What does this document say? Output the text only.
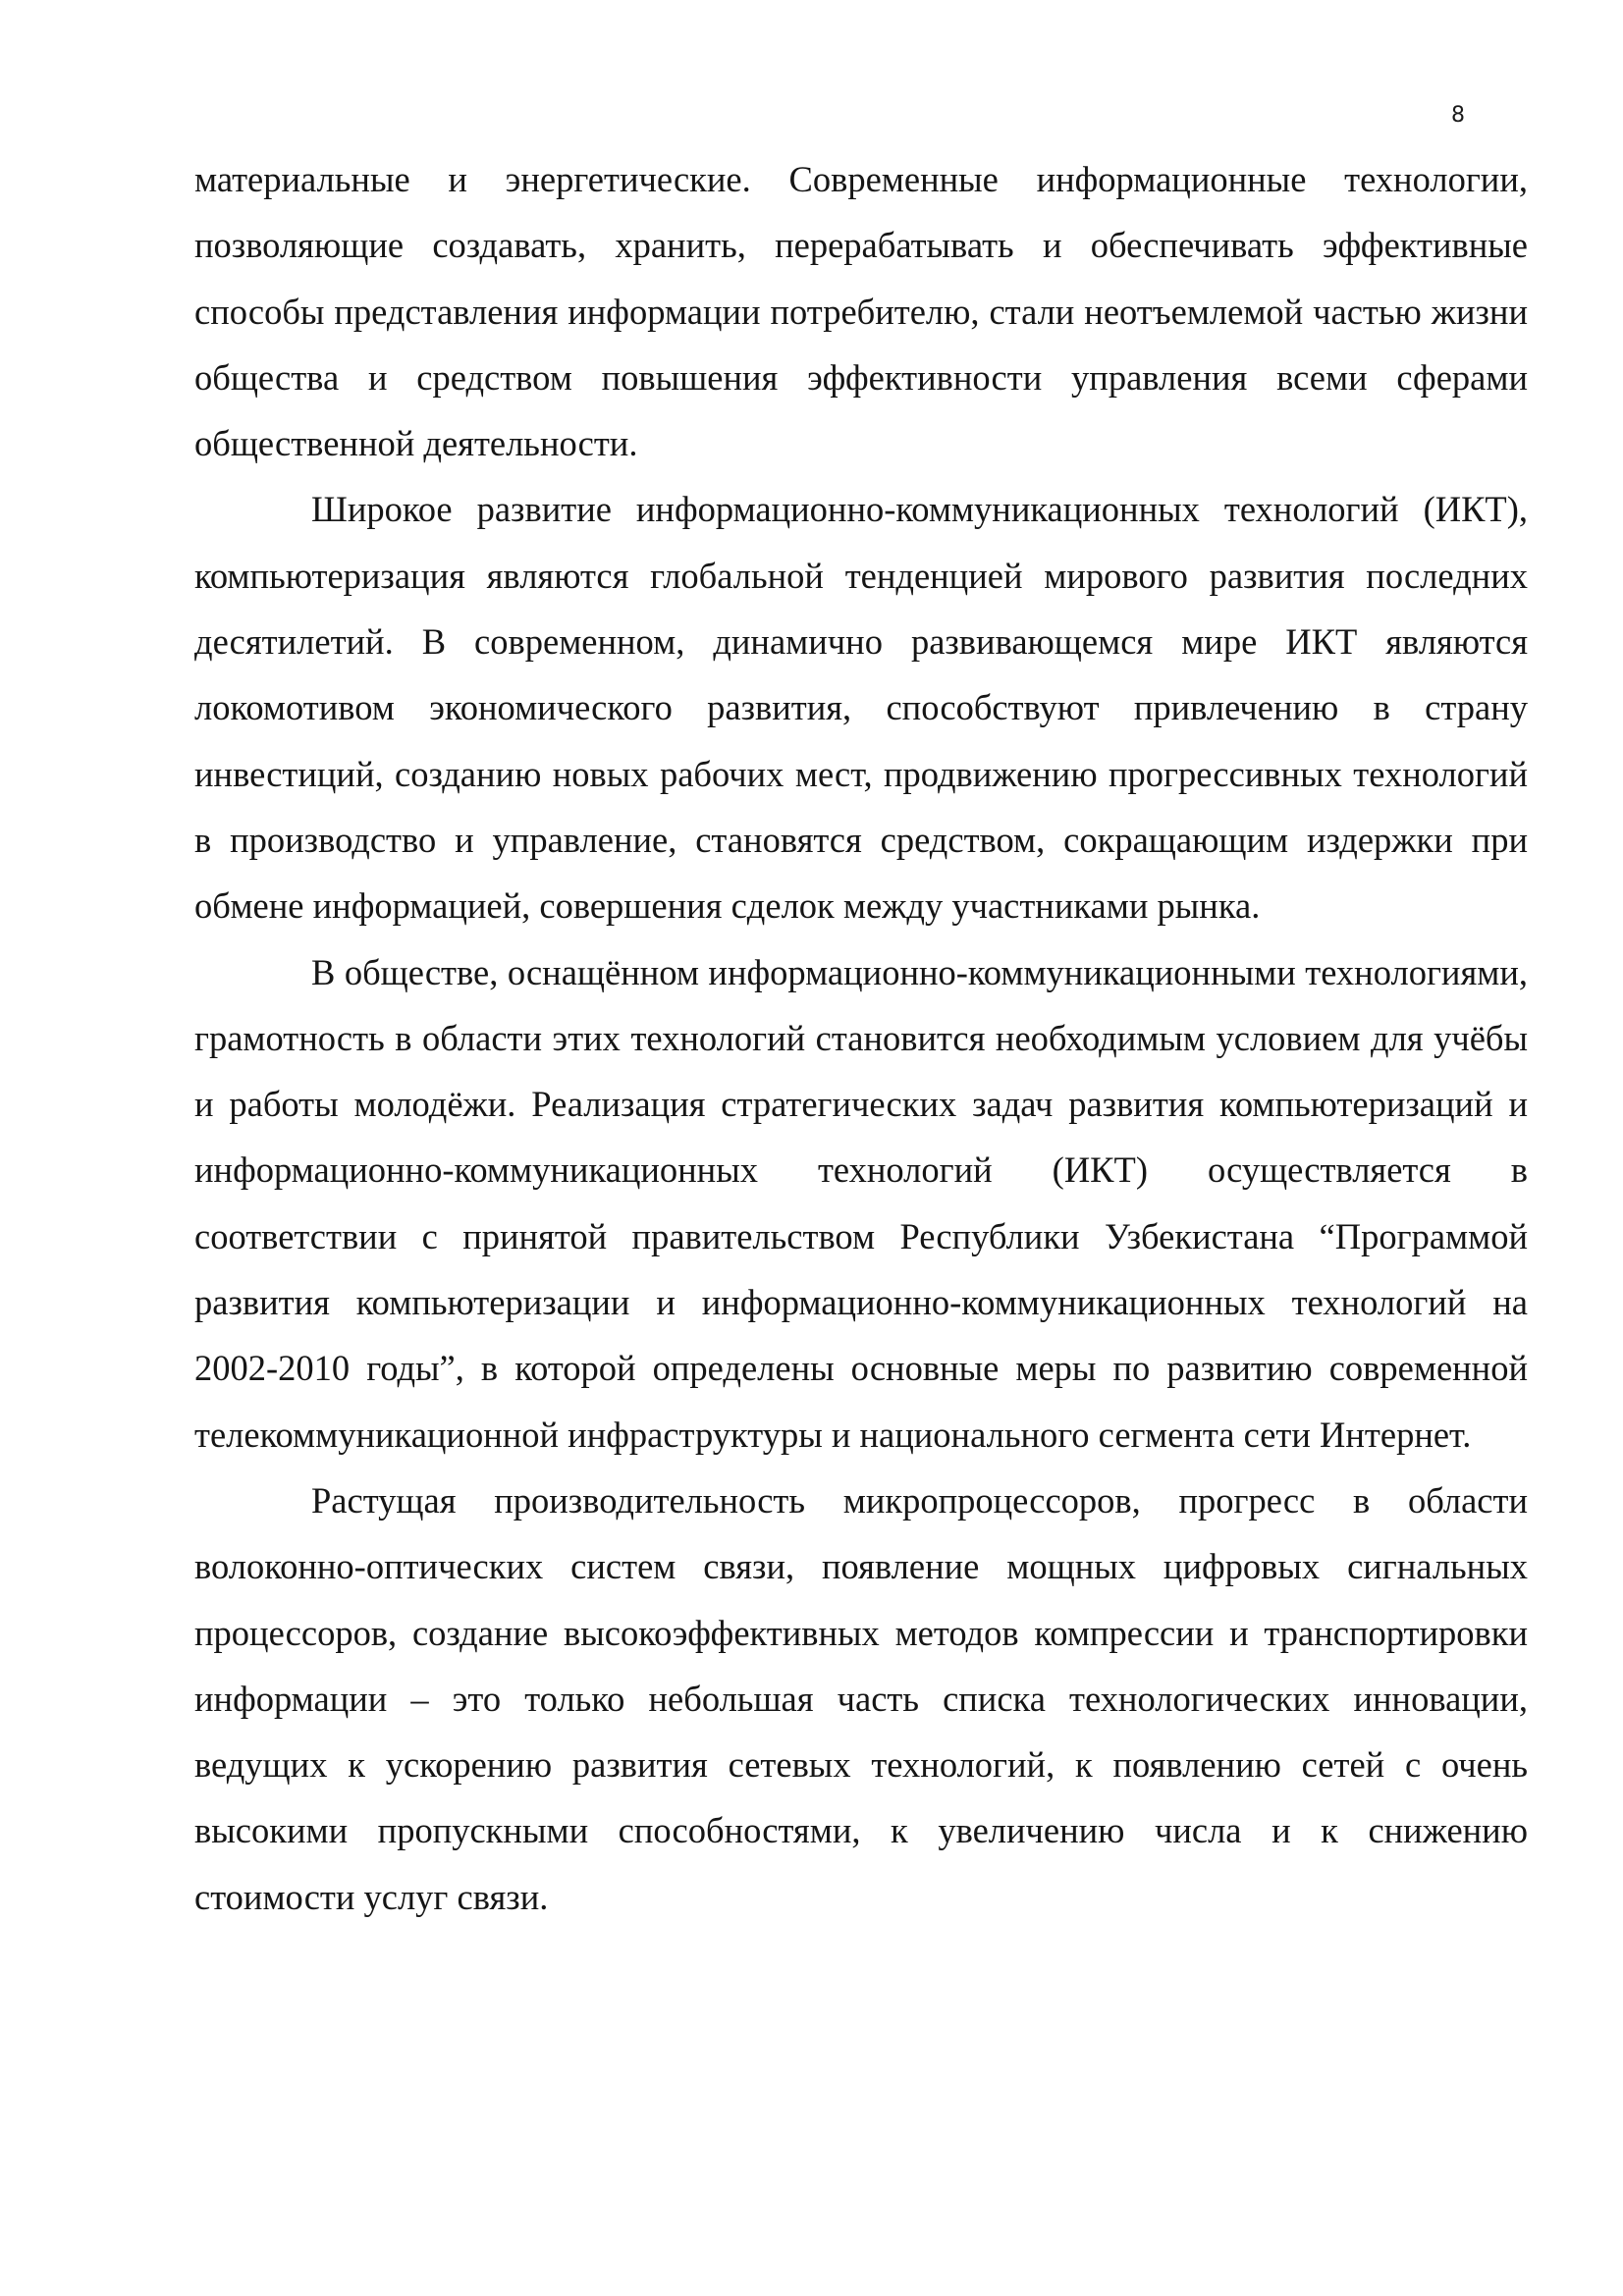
8

материальные и энергетические. Современные информационные технологии, позволяющие создавать, хранить, перерабатывать и обеспечивать эффективные способы представления информации потребителю, стали неотъемлемой частью жизни общества и средством повышения эффективности управления всеми сферами общественной деятельности.

Широкое развитие информационно-коммуникационных технологий (ИКТ), компьютеризация являются глобальной тенденцией мирового развития последних десятилетий. В современном, динамично развивающемся мире ИКТ являются локомотивом экономического развития, способствуют привлечению в страну инвестиций, созданию новых рабочих мест, продвижению прогрессивных технологий в производство и управление, становятся средством, сокращающим издержки при обмене информацией, совершения сделок между участниками рынка.

В обществе, оснащённом информационно-коммуникационными технологиями, грамотность в области этих технологий становится необходимым условием для учёбы и работы молодёжи. Реализация стратегических задач развития компьютеризаций и информационно-коммуникационных технологий (ИКТ) осуществляется в соответствии с принятой правительством Республики Узбекистана “Программой развития компьютеризации и информационно-коммуникационных технологий на 2002-2010 годы”, в которой определены основные меры по развитию современной телекоммуникационной инфраструктуры и национального сегмента сети Интернет.

Растущая производительность микропроцессоров, прогресс в области волоконно-оптических систем связи, появление мощных цифровых сигнальных процессоров, создание высокоэффективных методов компрессии и транспортировки информации – это только небольшая часть списка технологических инновации, ведущих к ускорению развития сетевых технологий, к появлению сетей с очень высокими пропускными способностями, к увеличению числа и к снижению стоимости услуг связи.
